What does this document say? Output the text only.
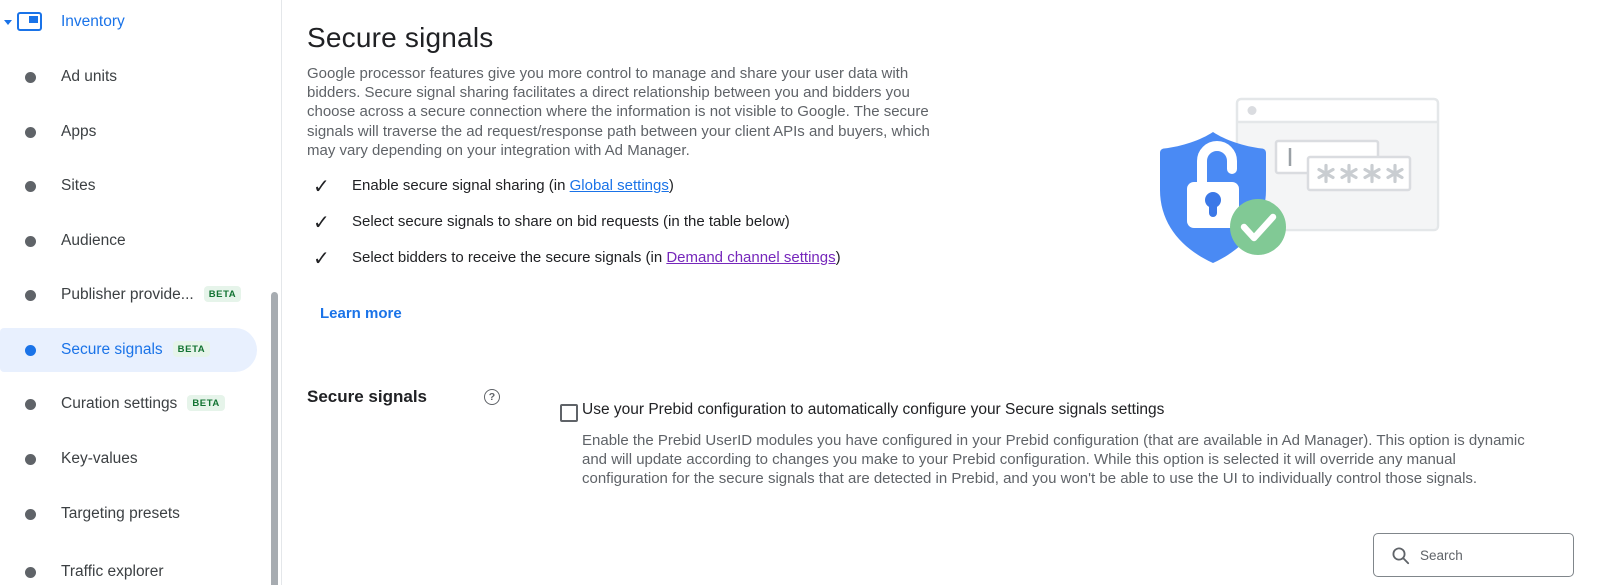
Inventory
Ad units
Apps
Sites
Audience
Publisher provide... BETA
Secure signals BETA
Curation settings BETA
Key-values
Targeting presets
Traffic explorer
Secure signals

Google processor features give you more control to manage and share your user data with bidders. Secure signal sharing facilitates a direct relationship between you and bidders you choose across a secure connection where the information is not visible to Google. The secure signals will traverse the ad request/response path between your client APIs and buyers, which may vary depending on your integration with Ad Manager.

✓ Enable secure signal sharing (in Global settings)
✓ Select secure signals to share on bid requests (in the table below)
✓ Select bidders to receive the secure signals (in Demand channel settings)
Learn more
Secure signals	?
Use your Prebid configuration to automatically configure your Secure signals settings
Enable the Prebid UserID modules you have configured in your Prebid configuration (that are available in Ad Manager). This option is dynamic and will update according to changes you make to your Prebid configuration. While this option is selected it will override any manual configuration for the secure signals that are detected in Prebid, and you won't be able to use the UI to individually control those signals.
Search
